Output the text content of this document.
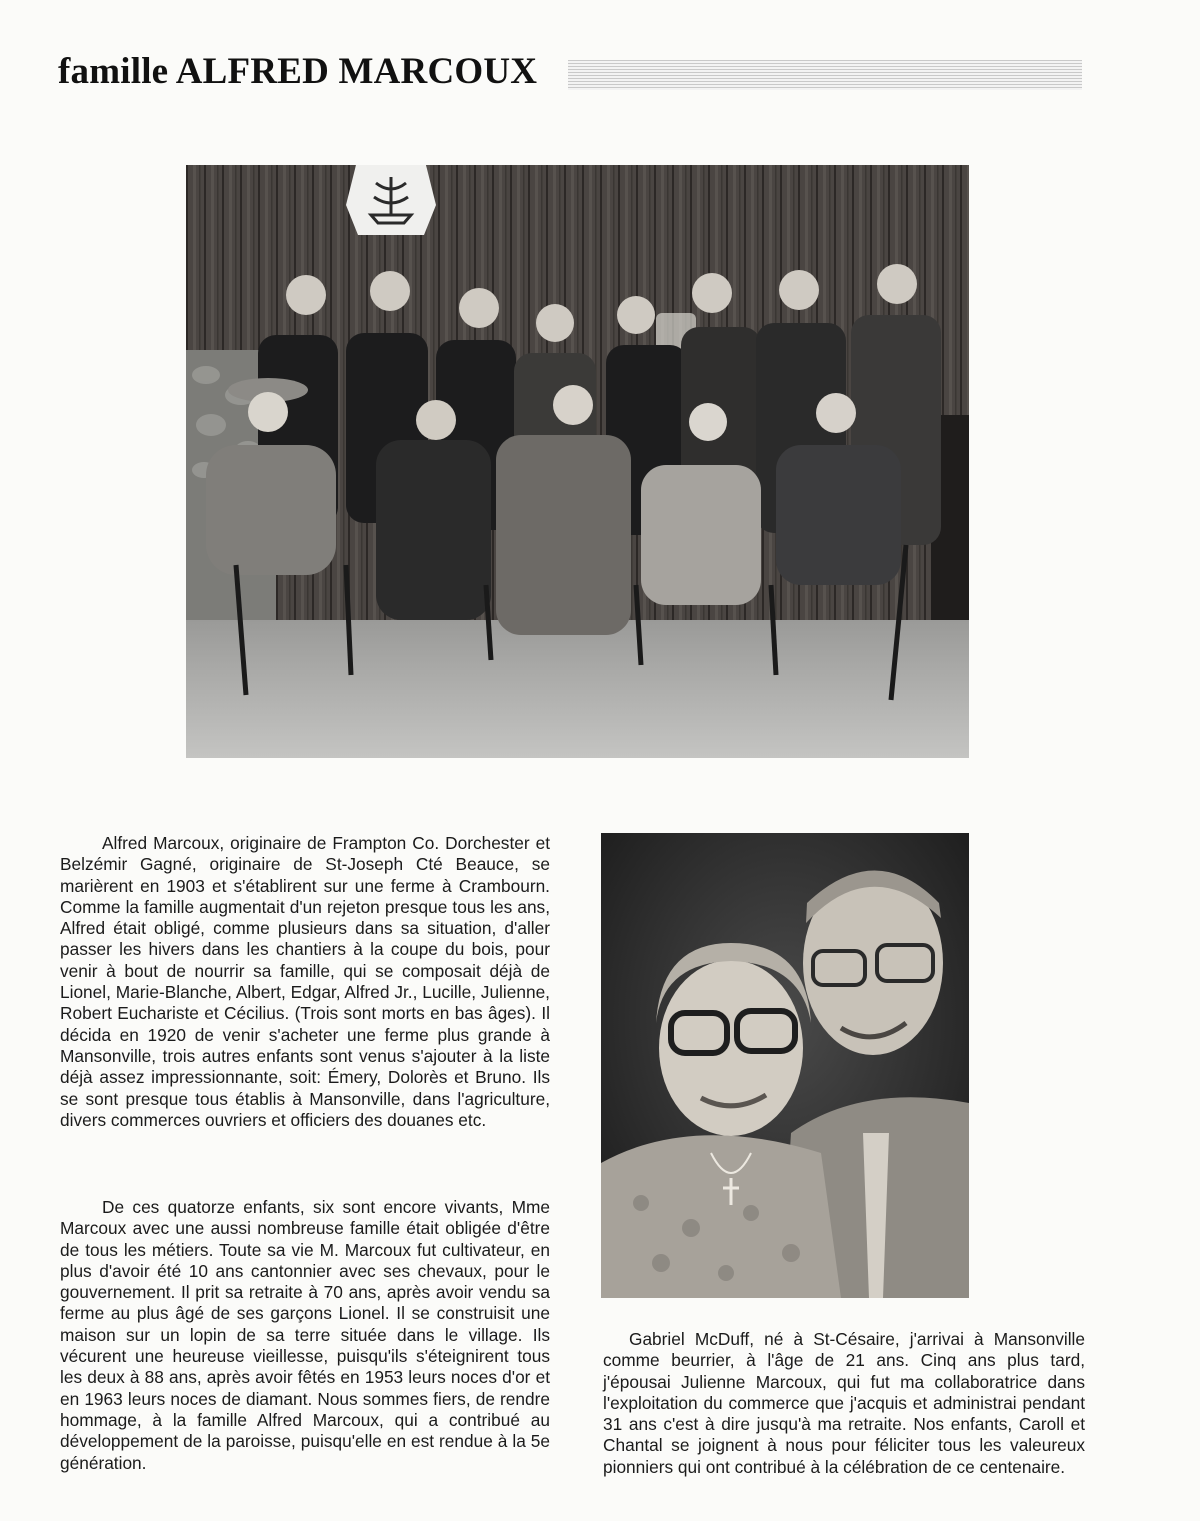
famille ALFRED MARCOUX

Alfred Marcoux, originaire de Frampton Co. Dorchester et Belzémir Gagné, originaire de St-Joseph Cté Beauce, se marièrent en 1903 et s'établirent sur une ferme à Crambourn. Comme la famille augmentait d'un rejeton presque tous les ans, Alfred était obligé, comme plusieurs dans sa situation, d'aller passer les hivers dans les chantiers à la coupe du bois, pour venir à bout de nourrir sa famille, qui se composait déjà de Lionel, Marie-Blanche, Albert, Edgar, Alfred Jr., Lucille, Julienne, Robert Euchariste et Cécilius. (Trois sont morts en bas âges). Il décida en 1920 de venir s'acheter une ferme plus grande à Mansonville, trois autres enfants sont venus s'ajouter à la liste déjà assez impressionnante, soit: Émery, Dolorès et Bruno. Ils se sont presque tous établis à Mansonville, dans l'agriculture, divers commerces ouvriers et officiers des douanes etc.

De ces quatorze enfants, six sont encore vivants, Mme Marcoux avec une aussi nombreuse famille était obligée d'être de tous les métiers. Toute sa vie M. Marcoux fut cultivateur, en plus d'avoir été 10 ans cantonnier avec ses chevaux, pour le gouvernement. Il prit sa retraite à 70 ans, après avoir vendu sa ferme au plus âgé de ses garçons Lionel. Il se construisit une maison sur un lopin de sa terre située dans le village. Ils vécurent une heureuse vieillesse, puisqu'ils s'éteignirent tous les deux à 88 ans, après avoir fêtés en 1953 leurs noces d'or et en 1963 leurs noces de diamant. Nous sommes fiers, de rendre hommage, à la famille Alfred Marcoux, qui a contribué au développement de la paroisse, puisqu'elle en est rendue à la 5e génération.

Gabriel McDuff, né à St-Césaire, j'arrivai à Mansonville comme beurrier, à l'âge de 21 ans. Cinq ans plus tard, j'épousai Julienne Marcoux, qui fut ma collaboratrice dans l'exploitation du commerce que j'acquis et administrai pendant 31 ans c'est à dire jusqu'à ma retraite. Nos enfants, Caroll et Chantal se joignent à nous pour féliciter tous les valeureux pionniers qui ont contribué à la célébration de ce centenaire.
